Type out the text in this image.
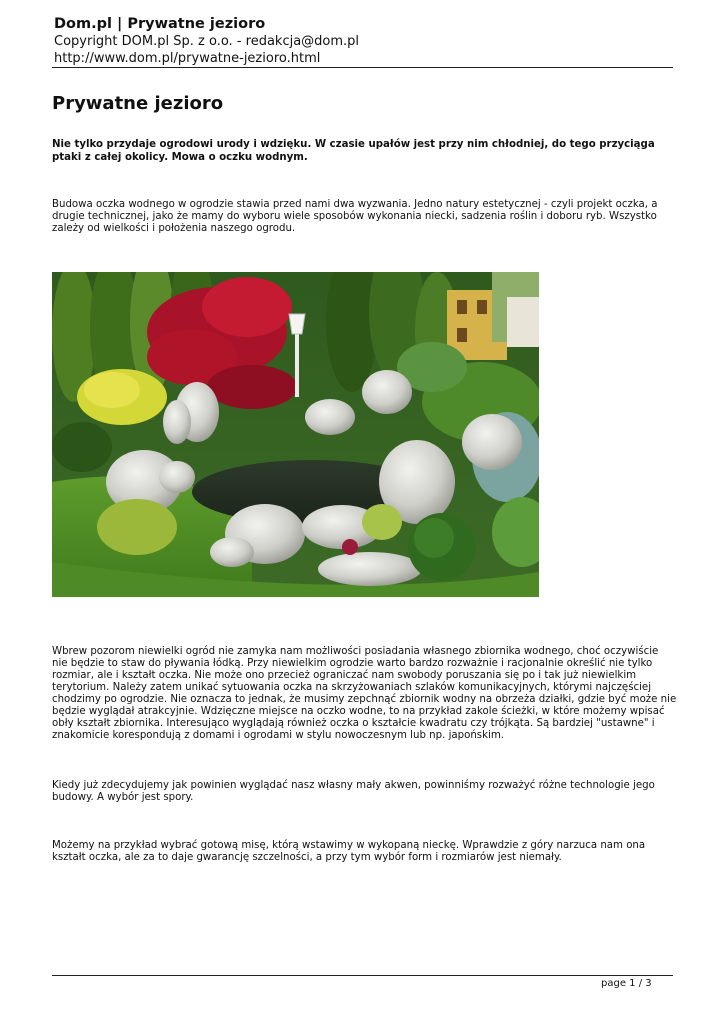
Dom.pl | Prywatne jezioro
Copyright DOM.pl Sp. z o.o. - redakcja@dom.pl
http://www.dom.pl/prywatne-jezioro.html
Prywatne jezioro

Nie tylko przydaje ogrodowi urody i wdzięku. W czasie upałów jest przy nim chłodniej, do tego przyciąga ptaki z całej okolicy. Mowa o oczku wodnym.

Budowa oczka wodnego w ogrodzie stawia przed nami dwa wyzwania. Jedno natury estetycznej - czyli projekt oczka, a drugie technicznej, jako że mamy do wyboru wiele sposobów wykonania niecki, sadzenia roślin i doboru ryb. Wszystko zależy od wielkości i położenia naszego ogrodu.

Wbrew pozorom niewielki ogród nie zamyka nam możliwości posiadania własnego zbiornika wodnego, choć oczywiście nie będzie to staw do pływania łódką. Przy niewielkim ogrodzie warto bardzo rozważnie i racjonalnie określić nie tylko rozmiar, ale i kształt oczka. Nie może ono przecież ograniczać nam swobody poruszania się po i tak już niewielkim terytorium. Należy zatem unikać sytuowania oczka na skrzyżowaniach szlaków komunikacyjnych, którymi najczęściej chodzimy po ogrodzie. Nie oznacza to jednak, że musimy zepchnąć zbiornik wodny na obrzeża działki, gdzie być może nie będzie wyglądał atrakcyjnie. Wdzięczne miejsce na oczko wodne, to na przykład zakole ścieżki, w które możemy wpisać obły kształt zbiornika. Interesująco wyglądają również oczka o kształcie kwadratu czy trójkąta. Są bardziej "ustawne" i znakomicie korespondują z domami i ogrodami w stylu nowoczesnym lub np. japońskim.

Kiedy już zdecydujemy jak powinien wyglądać nasz własny mały akwen, powinniśmy rozważyć różne technologie jego budowy. A wybór jest spory.

Możemy na przykład wybrać gotową misę, którą wstawimy w wykopaną nieckę. Wprawdzie z góry narzuca nam ona kształt oczka, ale za to daje gwarancję szczelności, a przy tym wybór form i rozmiarów jest niemały.

page 1 / 3
